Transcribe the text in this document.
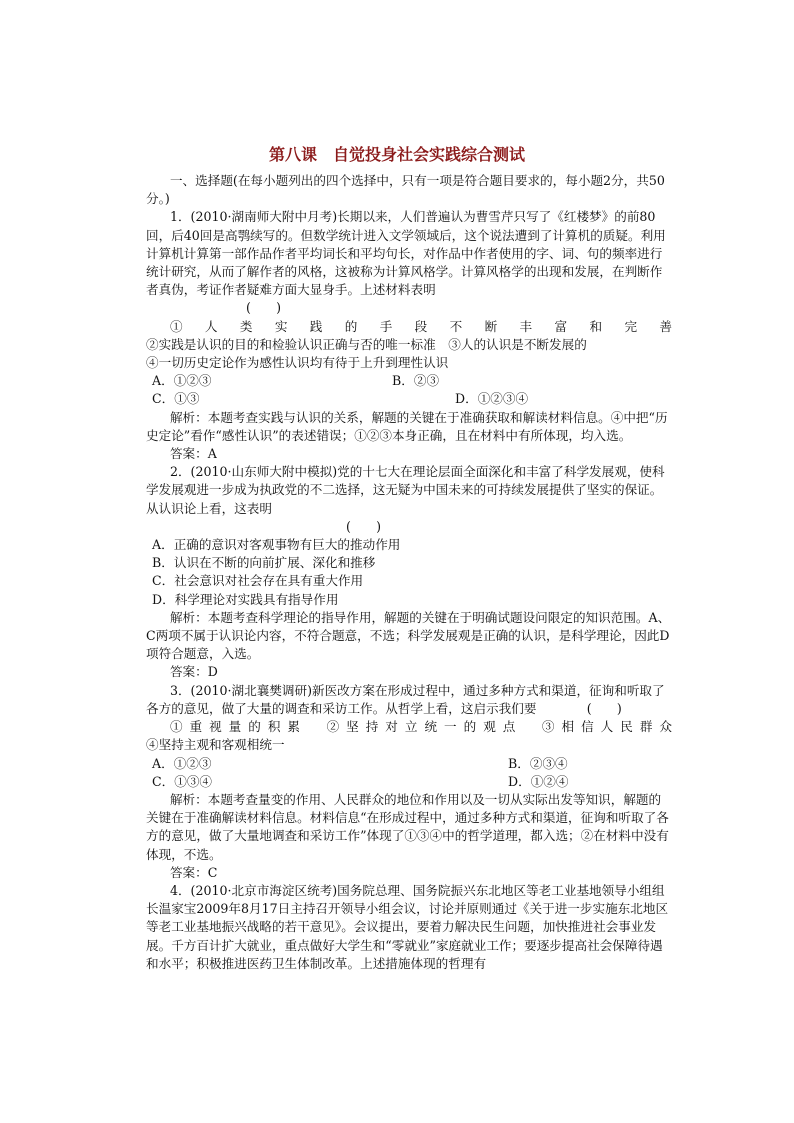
第八课　自觉投身社会实践综合测试

一、选择题(在每小题列出的四个选择中，只有一项是符合题目要求的，每小题2分，共50分。)

1．(2010·湖南师大附中月考)长期以来，人们普遍认为曹雪芹只写了《红楼梦》的前80回，后40回是高鹗续写的。但数学统计进入文学领域后，这个说法遭到了计算机的质疑。利用计算机计算第一部作品作者平均词长和平均句长，对作品中作者使用的字、词、句的频率进行统计研究，从而了解作者的风格，这被称为计算风格学。计算风格学的出现和发展，在判断作者真伪，考证作者疑难方面大显身手。上述材料表明

(　　)

①人类实践的手段不断丰富和完善

②实践是认识的目的和检验认识正确与否的唯一标准　③人的认识是不断发展的

④一切历史定论作为感性认识均有待于上升到理性认识

A．①②③	B．②③
C．①③	D．①②③④

解析：本题考查实践与认识的关系，解题的关键在于准确获取和解读材料信息。④中把“历史定论”看作“感性认识”的表述错误；①②③本身正确，且在材料中有所体现，均入选。

答案：A

2．(2010·山东师大附中模拟)党的十七大在理论层面全面深化和丰富了科学发展观，使科学发展观进一步成为执政党的不二选择，这无疑为中国未来的可持续发展提供了坚实的保证。从认识论上看，这表明

(　　)

A．正确的意识对客观事物有巨大的推动作用

B．认识在不断的向前扩展、深化和推移

C．社会意识对社会存在具有重大作用

D．科学理论对实践具有指导作用

解析：本题考查科学理论的指导作用，解题的关键在于明确试题设问限定的知识范围。A、C两项不属于认识论内容，不符合题意，不选；科学发展观是正确的认识，是科学理论，因此D项符合题意，入选。

答案：D

3．(2010·湖北襄樊调研)新医改方案在形成过程中，通过多种方式和渠道，征询和听取了各方的意见，做了大量的调查和采访工作。从哲学上看，这启示我们要　　　　(　　)

①重视量的积累　②坚持对立统一的观点　③相信人民群众

④坚持主观和客观相统一

A．①②③	B．②③④
C．①③④	D．①②④

解析：本题考查量变的作用、人民群众的地位和作用以及一切从实际出发等知识，解题的关键在于准确解读材料信息。材料信息“在形成过程中，通过多种方式和渠道，征询和听取了各方的意见，做了大量地调查和采访工作”体现了①③④中的哲学道理，都入选；②在材料中没有体现，不选。

答案：C

4．(2010·北京市海淀区统考)国务院总理、国务院振兴东北地区等老工业基地领导小组组长温家宝2009年8月17日主持召开领导小组会议，讨论并原则通过《关于进一步实施东北地区等老工业基地振兴战略的若干意见》。会议提出，要着力解决民生问题，加快推进社会事业发展。千方百计扩大就业，重点做好大学生和“零就业”家庭就业工作；要逐步提高社会保障待遇和水平；积极推进医药卫生体制改革。上述措施体现的哲理有
